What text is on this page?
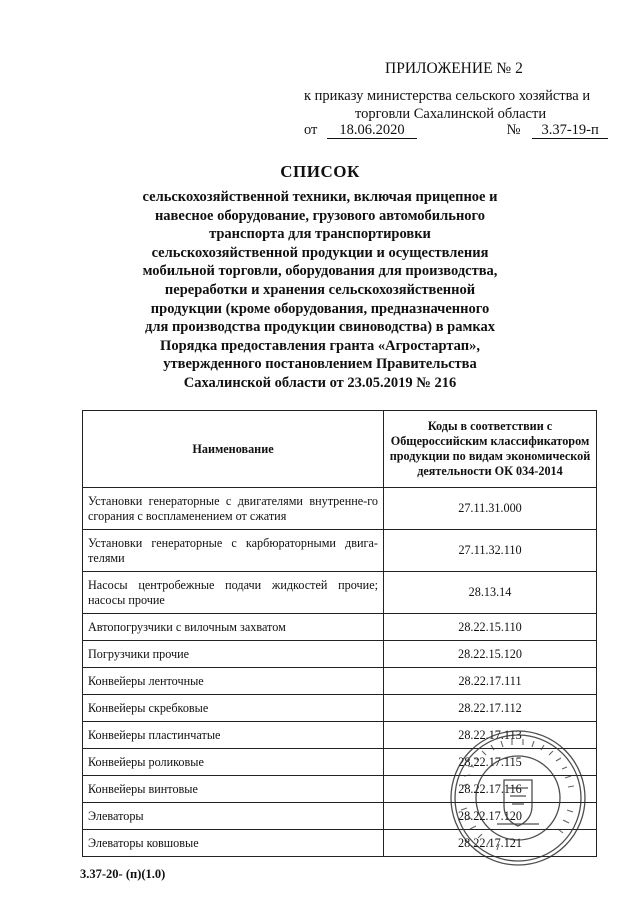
ПРИЛОЖЕНИЕ № 2
к приказу министерства сельского хозяйства и
торговли Сахалинской области
от 18.06.2020	№ 3.37-19-п
СПИСОК
сельскохозяйственной техники, включая прицепное и
навесное оборудование, грузового автомобильного
транспорта для транспортировки
сельскохозяйственной продукции и осуществления
мобильной торговли, оборудования для производства,
переработки и хранения сельскохозяйственной
продукции (кроме оборудования, предназначенного
для производства продукции свиноводства) в рамках
Порядка предоставления гранта «Агростартап»,
утвержденного постановлением Правительства
Сахалинской области от 23.05.2019 № 216
Наименование	Коды в соответствии с Общероссийским классификатором продукции по видам экономической деятельности ОК 034-2014
Установки генераторные с двигателями внутренне-го сгорания с воспламенением от сжатия	27.11.31.000
Установки генераторные с карбюраторными двига-телями	27.11.32.110
Насосы центробежные подачи жидкостей прочие; насосы прочие	28.13.14
Автопогрузчики с вилочным захватом	28.22.15.110
Погрузчики прочие	28.22.15.120
Конвейеры ленточные	28.22.17.111
Конвейеры скребковые	28.22.17.112
Конвейеры пластинчатые	28.22.17.113
Конвейеры роликовые	28.22.17.115
Конвейеры винтовые	28.22.17.116
Элеваторы	28.22.17.120
Элеваторы ковшовые	28.22.17.121
3.37-20- (п)(1.0)
